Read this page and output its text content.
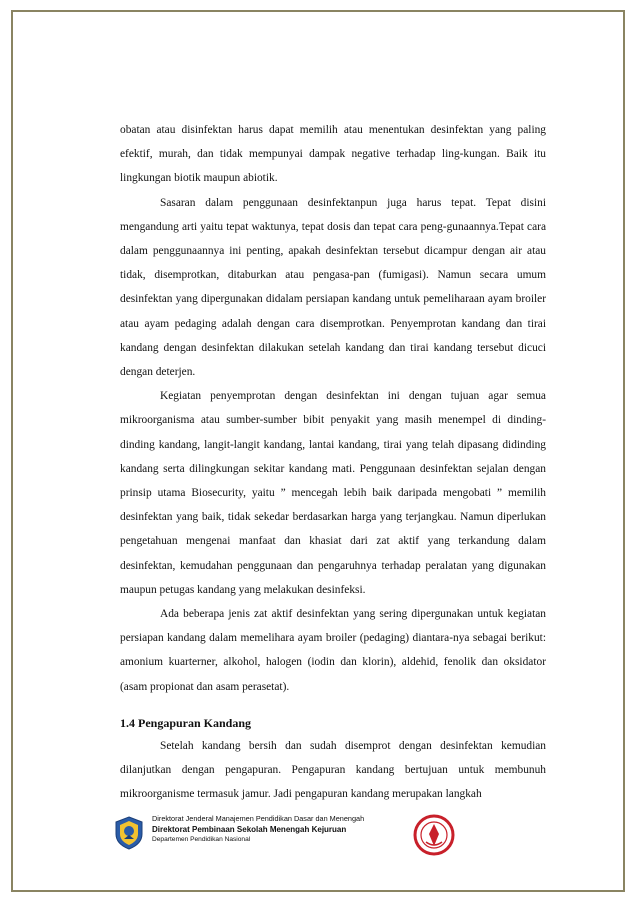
obatan atau disinfektan harus dapat memilih atau menentukan desinfektan yang paling efektif, murah, dan tidak mempunyai dampak negative terhadap ling-kungan. Baik itu lingkungan biotik maupun abiotik.

Sasaran dalam penggunaan desinfektanpun juga harus tepat. Tepat disini mengandung arti yaitu tepat waktunya, tepat dosis dan tepat cara peng-gunaannya.Tepat cara dalam penggunaannya ini penting, apakah desinfektan tersebut dicampur dengan air atau tidak, disemprotkan, ditaburkan atau pengasa-pan (fumigasi). Namun secara umum desinfektan yang dipergunakan didalam persiapan kandang untuk pemeliharaan ayam broiler atau ayam pedaging adalah dengan cara disemprotkan. Penyemprotan kandang dan tirai kandang dengan desinfektan dilakukan setelah kandang dan tirai kandang tersebut dicuci dengan deterjen.

Kegiatan penyemprotan dengan desinfektan ini dengan tujuan agar semua mikroorganisma atau sumber-sumber bibit penyakit yang masih menempel di dinding-dinding kandang, langit-langit kandang, lantai kandang, tirai yang telah dipasang didinding kandang serta dilingkungan sekitar kandang mati. Penggunaan desinfektan sejalan dengan prinsip utama Biosecurity, yaitu ” mencegah lebih baik daripada mengobati ” memilih desinfektan yang baik, tidak sekedar berdasarkan harga yang terjangkau. Namun diperlukan pengetahuan mengenai manfaat dan khasiat dari zat aktif yang terkandung dalam desinfektan, kemudahan penggunaan dan pengaruhnya terhadap peralatan yang digunakan maupun petugas kandang yang melakukan desinfeksi.

Ada beberapa jenis zat aktif desinfektan yang sering dipergunakan untuk kegiatan persiapan kandang dalam memelihara ayam broiler (pedaging) diantara-nya sebagai berikut: amonium kuarterner, alkohol, halogen (iodin dan klorin), aldehid, fenolik dan oksidator (asam propionat dan asam perasetat).

1.4 Pengapuran Kandang

Setelah kandang bersih dan sudah disemprot dengan desinfektan kemudian dilanjutkan dengan pengapuran. Pengapuran kandang bertujuan untuk membunuh mikroorganisme termasuk jamur. Jadi pengapuran kandang merupakan langkah

Direktorat Jenderal Manajemen Pendidikan Dasar dan Menengah
Direktorat Pembinaan Sekolah Menengah Kejuruan
Departemen Pendidikan Nasional
